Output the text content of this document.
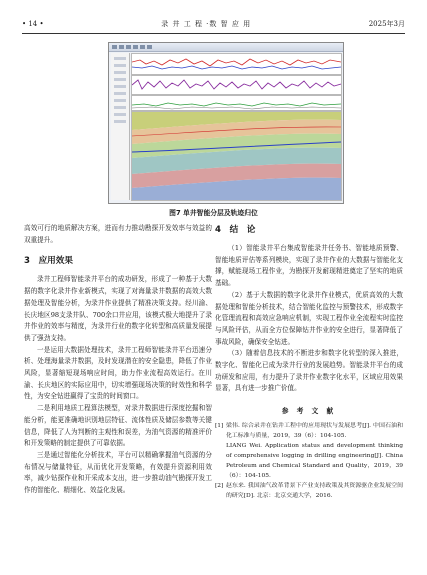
• 14 •	录 井 工 程 ·数 智 应 用	2025年3月
图7 单井智能分层及轨迹归位

高效可行的地质解决方案，进而有力推动勘探开发效率与效益的双重提升。

3　应用效果

录井工程师智能录井平台的成功研发，形成了一种基于大数据的数字化录井作业新模式，实现了对海量录井数据的高效大数据处理及智能分析，为录井作业提供了精准决策支持。经川渝、长庆地区98支录井队、700余口井应用，该模式极大地提升了录井作业的效率与精度，为录井行业的数字化转型和高质量发展提供了强劲支持。

一是运用大数据处理技术，录井工程师智能录井平台迅速分析、处理海量录井数据，及时发现潜在的安全隐患，降低了作业风险，显著缩短现场响应时间，助力作业流程高效运行。在川渝、长庆地区的实际应用中，切实增强现场决策的时效性和科学性，为安全钻进赢得了宝贵的时间窗口。

二是利用地质工程算法模型，对录井数据进行深度挖掘和智能分析，能更准确地识别地层特征、流体性质及储层参数等关键信息，降低了人为判断的主观性和误差，为油气资源的精准评价和开发策略的制定提供了可靠依据。

三是通过智能化分析技术，平台可以精确掌握油气资源的分布情况与储量特征，从而优化开发策略，有效提升资源利用效率，减少钻探作业和开采成本支出，进一步推动油气勘探开发工作的智能化、精细化、效益化发展。

4　结　论

（1）智能录井平台集成智能录井任务书、智能地质预警、智能地质评估等系列模块，实现了录井作业的大数据与智能化支撑，赋能现场工程作业，为勘探开发耐现精进奠定了坚实的地质基础。

（2）基于大数据的数字化录井作业模式，优质高效的大数据处理和智能分析技术，结合智能化监控与预警技术，形成数字化管理流程和高效应急响应机制，实现工程作业全流程实时监控与风险评估，从而全方位保障钻井作业的安全进行，显著降低了事故风险，确保安全钻进。

（3）随着信息技术的不断进步和数字化转型的深入推进，数字化、智能化已成为录井行业的发展趋势。智能录井平台的成功研发和应用，有力提升了录井作业数字化水平，区域应用效果显著，具有进一步推广价值。

参 考 文 献
[1] 梁伟. 综合录井在钻井工程中的应用现状与发展思考[J]. 中国石油和化工标准与质量，2019，39（6）：104-105.
LIANG Wei. Application status and development thinking of comprehensive logging in drilling engineering[J]. China Petroleum and Chemical Standard and Quality，2019，39（6）：104-105.
[2] 赵东来. 我国油气改革背景下产业支持政策及其资源驱企业发展空间的研究[D]. 北京：北京交通大学，2016.
